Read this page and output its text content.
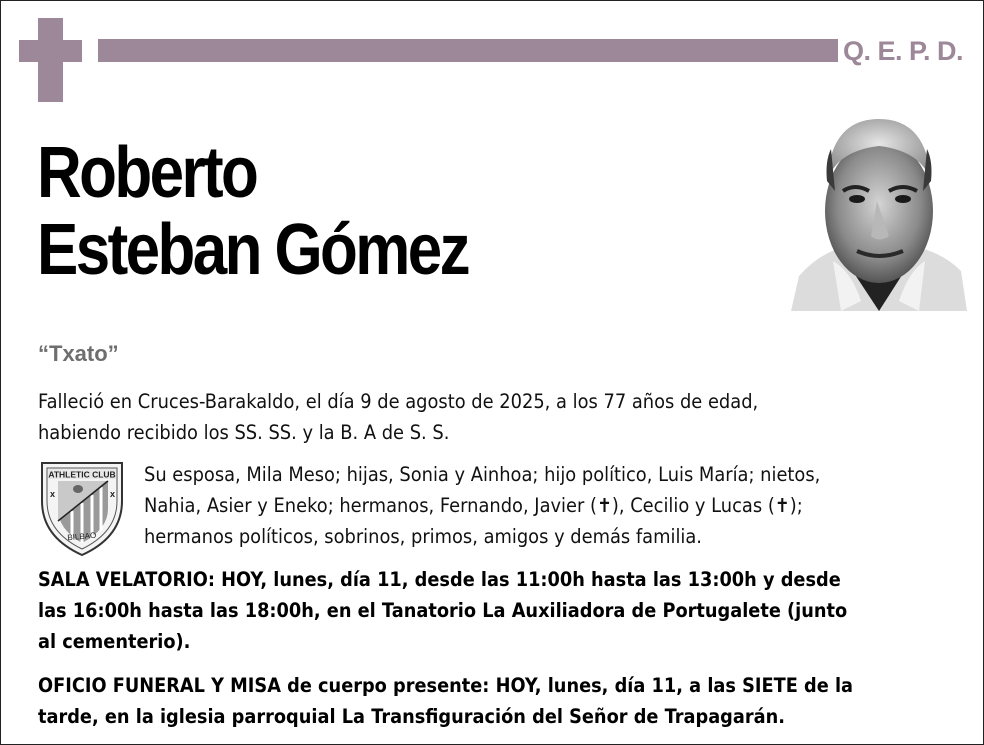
Q. E. P. D.
Roberto
Esteban Gómez
“Txato”
Falleció en Cruces-Barakaldo, el día 9 de agosto de 2025, a los 77 años de edad,
habiendo recibido los SS. SS. y la B. A de S. S.
ATHLETIC CLUB
x	x
BILBAO
Su esposa, Mila Meso; hijas, Sonia y Ainhoa; hijo político, Luis María; nietos,
Nahia, Asier y Eneko; hermanos, Fernando, Javier (✝), Cecilio y Lucas (✝);
hermanos políticos, sobrinos, primos, amigos y demás familia.
SALA VELATORIO: HOY, lunes, día 11, desde las 11:00h hasta las 13:00h y desde
las 16:00h hasta las 18:00h, en el Tanatorio La Auxiliadora de Portugalete (junto
al cementerio).
OFICIO FUNERAL Y MISA de cuerpo presente: HOY, lunes, día 11, a las SIETE de la
tarde, en la iglesia parroquial La Transfiguración del Señor de Trapagarán.
